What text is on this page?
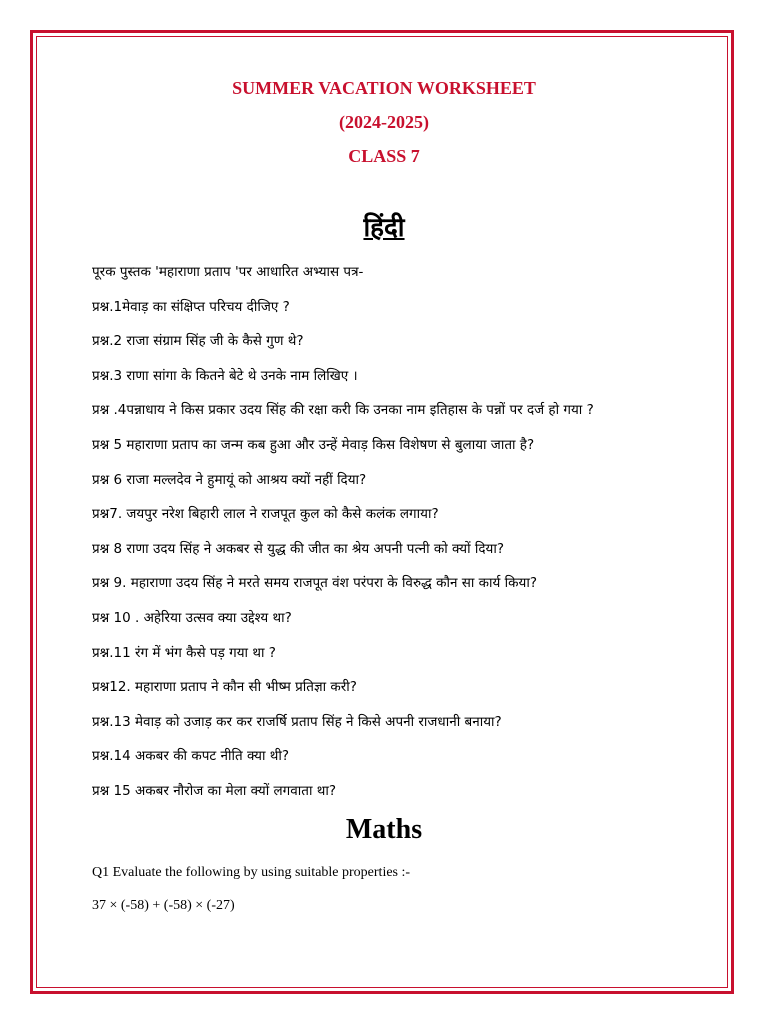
SUMMER VACATION WORKSHEET
(2024-2025)
CLASS 7
हिंदी
पूरक पुस्तक 'महाराणा प्रताप 'पर आधारित अभ्यास पत्र-
प्रश्न.1मेवाड़ का संक्षिप्त परिचय दीजिए ?
प्रश्न.2 राजा संग्राम सिंह जी के कैसे गुण थे?
प्रश्न.3 राणा सांगा के कितने बेटे थे उनके नाम लिखिए ।
प्रश्न .4पन्नाधाय ने किस प्रकार उदय सिंह की रक्षा करी कि उनका नाम इतिहास के पन्नों पर दर्ज हो गया ?
प्रश्न 5 महाराणा प्रताप का जन्म कब हुआ और उन्हें मेवाड़ किस विशेषण से बुलाया जाता है?
प्रश्न 6 राजा मल्लदेव ने हुमायूं को आश्रय क्यों नहीं दिया?
प्रश्न7. जयपुर नरेश बिहारी लाल ने राजपूत कुल को कैसे कलंक लगाया?
प्रश्न 8 राणा उदय सिंह ने अकबर से युद्ध की जीत का श्रेय अपनी पत्नी को क्यों दिया?
प्रश्न 9. महाराणा उदय सिंह ने मरते समय राजपूत वंश परंपरा के विरुद्ध कौन सा कार्य किया?
प्रश्न 10 . अहेरिया उत्सव क्या उद्देश्य था?
प्रश्न.11 रंग में भंग कैसे पड़ गया था ?
प्रश्न12. महाराणा प्रताप ने कौन सी भीष्म प्रतिज्ञा करी?
प्रश्न.13 मेवाड़ को उजाड़ कर कर राजर्षि प्रताप सिंह ने किसे अपनी राजधानी बनाया?
प्रश्न.14 अकबर की कपट नीति क्या थी?
प्रश्न 15 अकबर नौरोज का मेला क्यों लगवाता था?
Maths
Q1 Evaluate the following by using suitable properties :-
37 × (-58) + (-58) × (-27)
